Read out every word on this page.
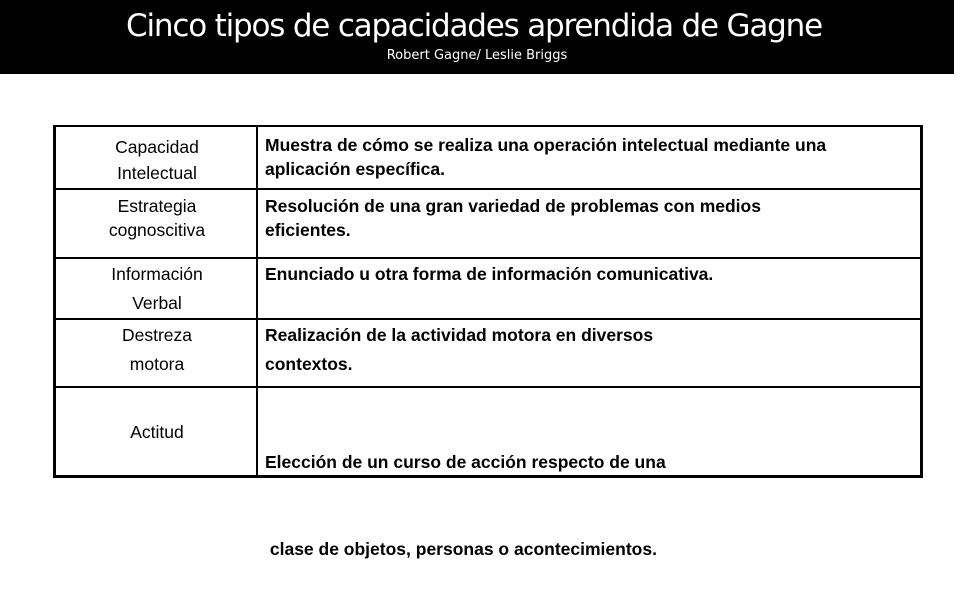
Cinco tipos de capacidades aprendida de Gagne
Robert Gagne/ Leslie Briggs
Capacidad
Intelectual
Muestra de cómo se realiza una operación intelectual mediante una
aplicación específica.
Estrategia
cognoscitiva
Resolución de una gran variedad de problemas con medios
eficientes.
Información
Verbal
Enunciado u otra forma de información comunicativa.
Destreza
motora
Realización de la actividad motora en diversos
contextos.
Actitud

Elección de un curso de acción respecto de una

clase de objetos, personas o acontecimientos.
